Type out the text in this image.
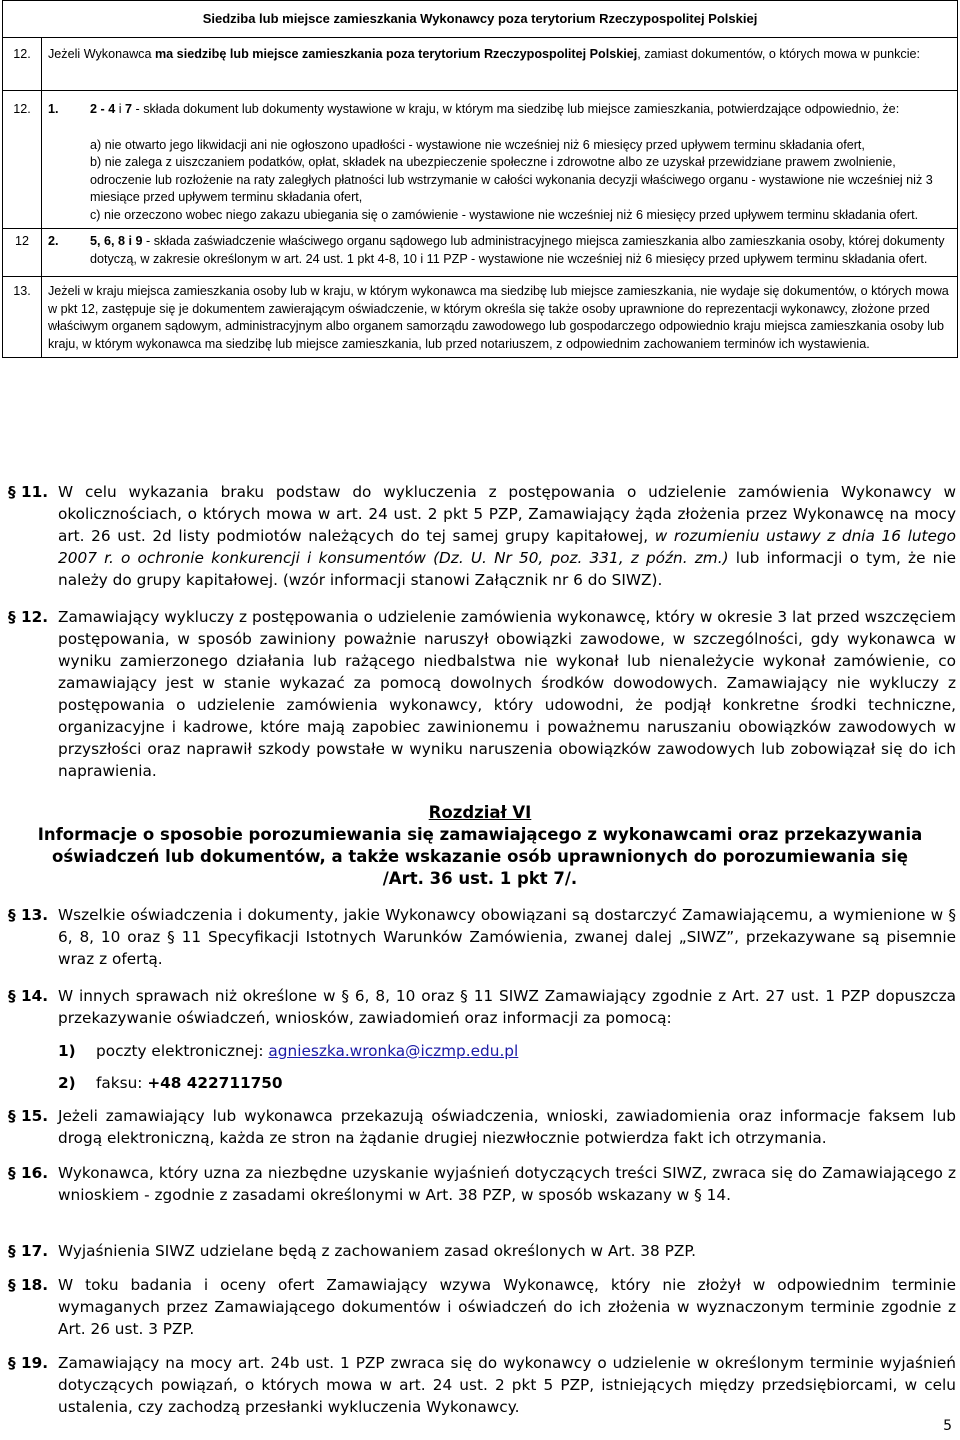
Siedziba lub miejsce zamieszkania Wykonawcy poza terytorium Rzeczypospolitej Polskiej	
12.	Jeżeli Wykonawca ma siedzibę lub miejsce zamieszkania poza terytorium Rzeczypospolitej Polskiej, zamiast dokumentów, o których mowa w punkcie:
12.	1. 2 - 4 i 7 - składa dokument lub dokumenty wystawione w kraju, w którym ma siedzibę lub miejsce zamieszkania, potwierdzające odpowiednio, że:
a) nie otwarto jego likwidacji ani nie ogłoszono upadłości - wystawione nie wcześniej niż 6 miesięcy przed upływem terminu składania ofert,
b) nie zalega z uiszczaniem podatków, opłat, składek na ubezpieczenie społeczne i zdrowotne albo ze uzyskał przewidziane prawem zwolnienie, odroczenie lub rozłożenie na raty zaległych płatności lub wstrzymanie w całości wykonania decyzji właściwego organu - wystawione nie wcześniej niż 3 miesiące przed upływem terminu składania ofert,
c) nie orzeczono wobec niego zakazu ubiegania się o zamówienie - wystawione nie wcześniej niż 6 miesięcy przed upływem terminu składania ofert.

12	2. 5, 6, 8 i 9 - składa zaświadczenie właściwego organu sądowego lub administracyjnego miejsca zamieszkania albo zamieszkania osoby, której dokumenty dotyczą, w zakresie określonym w art. 24 ust. 1 pkt 4-8, 10 i 11 PZP - wystawione nie wcześniej niż 6 miesięcy przed upływem terminu składania ofert.

13.	Jeżeli w kraju miejsca zamieszkania osoby lub w kraju, w którym wykonawca ma siedzibę lub miejsce zamieszkania, nie wydaje się dokumentów, o których mowa w pkt 12, zastępuje się je dokumentem zawierającym oświadczenie, w którym określa się także osoby uprawnione do reprezentacji wykonawcy, złożone przed właściwym organem sądowym, administracyjnym albo organem samorządu zawodowego lub gospodarczego odpowiednio kraju miejsca zamieszkania osoby lub kraju, w którym wykonawca ma siedzibę lub miejsce zamieszkania, lub przed notariuszem, z odpowiednim zachowaniem terminów ich wystawienia.
§ 11. W celu wykazania braku podstaw do wykluczenia z postępowania o udzielenie zamówienia Wykonawcy w okolicznościach, o których mowa w art. 24 ust. 2 pkt 5 PZP, Zamawiający żąda złożenia przez Wykonawcę na mocy art. 26 ust. 2d listy podmiotów należących do tej samej grupy kapitałowej, w rozumieniu ustawy z dnia 16 lutego 2007 r. o ochronie konkurencji i konsumentów (Dz. U. Nr 50, poz. 331, z późn. zm.) lub informacji o tym, że nie należy do grupy kapitałowej. (wzór informacji stanowi Załącznik nr 6 do SIWZ).
§ 12. Zamawiający wykluczy z postępowania o udzielenie zamówienia wykonawcę, który w okresie 3 lat przed wszczęciem postępowania, w sposób zawiniony poważnie naruszył obowiązki zawodowe, w szczególności, gdy wykonawca w wyniku zamierzonego działania lub rażącego niedbalstwa nie wykonał lub nienależycie wykonał zamówienie, co zamawiający jest w stanie wykazać za pomocą dowolnych środków dowodowych. Zamawiający nie wykluczy z postępowania o udzielenie zamówienia wykonawcy, który udowodni, że podjął konkretne środki techniczne, organizacyjne i kadrowe, które mają zapobiec zawinionemu i poważnemu naruszaniu obowiązków zawodowych w przyszłości oraz naprawił szkody powstałe w wyniku naruszenia obowiązków zawodowych lub zobowiązał się do ich naprawienia.
Rozdział VI
Informacje o sposobie porozumiewania się zamawiającego z wykonawcami oraz przekazywania
oświadczeń lub dokumentów, a także wskazanie osób uprawnionych do porozumiewania się
/Art. 36 ust. 1 pkt 7/.
§ 13. Wszelkie oświadczenia i dokumenty, jakie Wykonawcy obowiązani są dostarczyć Zamawiającemu, a wymienione w § 6, 8, 10 oraz § 11 Specyfikacji Istotnych Warunków Zamówienia, zwanej dalej „SIWZ”, przekazywane są pisemnie wraz z ofertą.
§ 14. W innych sprawach niż określone w § 6, 8, 10 oraz § 11 SIWZ Zamawiający zgodnie z Art. 27 ust. 1 PZP dopuszcza przekazywanie oświadczeń, wniosków, zawiadomień oraz informacji za pomocą:
1) poczty elektronicznej: agnieszka.wronka@iczmp.edu.pl
2) faksu: +48 422711750
§ 15. Jeżeli zamawiający lub wykonawca przekazują oświadczenia, wnioski, zawiadomienia oraz informacje faksem lub drogą elektroniczną, każda ze stron na żądanie drugiej niezwłocznie potwierdza fakt ich otrzymania.
§ 16. Wykonawca, który uzna za niezbędne uzyskanie wyjaśnień dotyczących treści SIWZ, zwraca się do Zamawiającego z wnioskiem - zgodnie z zasadami określonymi w Art. 38 PZP, w sposób wskazany w § 14.
§ 17. Wyjaśnienia SIWZ udzielane będą z zachowaniem zasad określonych w Art. 38 PZP.
§ 18. W toku badania i oceny ofert Zamawiający wzywa Wykonawcę, który nie złożył w odpowiednim terminie wymaganych przez Zamawiającego dokumentów i oświadczeń do ich złożenia w wyznaczonym terminie zgodnie z Art. 26 ust. 3 PZP.
§ 19. Zamawiający na mocy art. 24b ust. 1 PZP zwraca się do wykonawcy o udzielenie w określonym terminie wyjaśnień dotyczących powiązań, o których mowa w art. 24 ust. 2 pkt 5 PZP, istniejących między przedsiębiorcami, w celu ustalenia, czy zachodzą przesłanki wykluczenia Wykonawcy.
5
